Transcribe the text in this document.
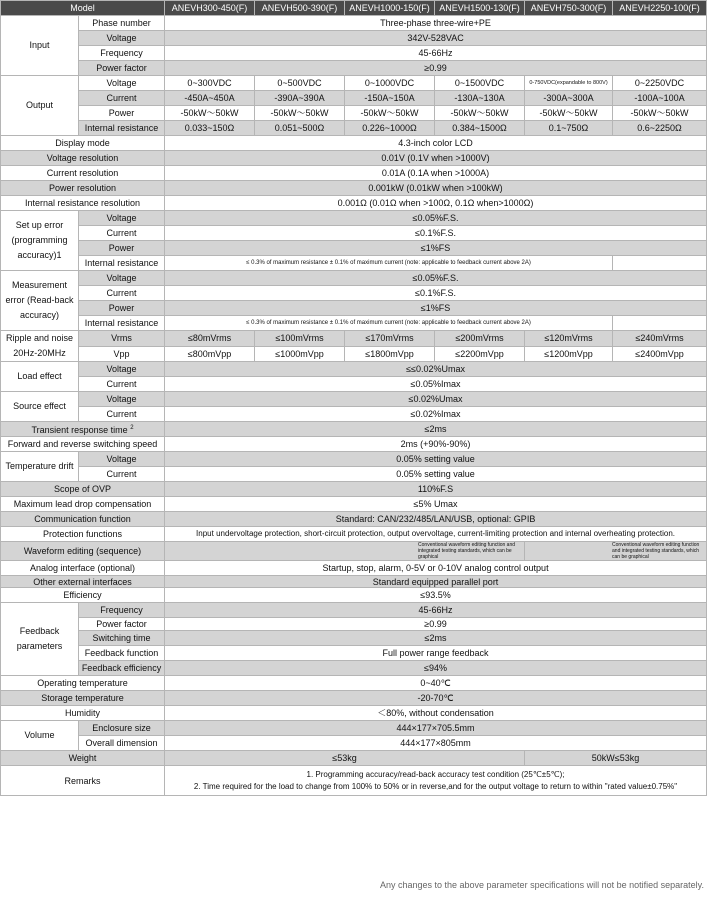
Model		ANEVH300-450(F)	ANEVH500-390(F)	ANEVH1000-150(F)	ANEVH1500-130(F)	ANEVH750-300(F)	ANEVH2250-100(F)
Input	Phase number	Three-phase three-wire+PE					
	Voltage	342V-528VAC					
	Frequency	45-66Hz					
	Power factor	≥0.99					
Output	Voltage	0~300VDC	0~500VDC	0~1000VDC	0~1500VDC	0-750VDC(expandable to 800V)	0~2250VDC
	Current	-450A~450A	-390A~390A	-150A~150A	-130A~130A	-300A~300A	-100A~100A
	Power	-50kW～50kW	-50kW～50kW	-50kW～50kW	-50kW～50kW	-50kW～50kW	-50kW～50kW
	Internal resistance	0.033~150Ω	0.051~500Ω	0.226~1000Ω	0.384~1500Ω	0.1~750Ω	0.6~2250Ω
Display mode		4.3-inch color LCD					
Voltage resolution		0.01V (0.1V when >1000V)					
Current resolution		0.01A (0.1A when >1000A)					
Power resolution		0.001kW (0.01kW when >100kW)					
Internal resistance resolution		0.001Ω (0.01Ω when >100Ω, 0.1Ω when>1000Ω)					
Set up error (programming accuracy)1	Voltage	≤0.05%F.S.					
	Current	≤0.1%F.S.					
	Power	≤1%FS					
	Internal resistance	≤ 0.3% of maximum resistance ± 0.1% of maximum current (note: applicable to feedback current above 2A)					
Measurement error (Read-back accuracy)	Voltage	≤0.05%F.S.					
	Current	≤0.1%F.S.					
	Power	≤1%FS					
	Internal resistance	≤ 0.3% of maximum resistance ± 0.1% of maximum current (note: applicable to feedback current above 2A)					
Ripple and noise 20Hz-20MHz	Vrms	≤80mVrms	≤100mVrms	≤170mVrms	≤200mVrms	≤120mVrms	≤240mVrms
	Vpp	≤800mVpp	≤1000mVpp	≤1800mVpp	≤2200mVpp	≤1200mVpp	≤2400mVpp
Load effect	Voltage	≤≤0.02%Umax					
	Current	≤0.05%Imax					
Source effect	Voltage	≤0.02%Umax					
	Current	≤0.02%Imax					
Transient response time $^2$		≤2ms					
Forward and reverse switching speed		2ms (+90%-90%)					
Temperature drift	Voltage	0.05% setting value					
	Current	0.05% setting value					
Scope of OVP		110%F.S					
Maximum lead drop compensation		≤5% Umax					
Communication function		Standard: CAN/232/485/LAN/USB, optional: GPIB					
Protection functions		Input undervoltage protection, short-circuit protection, output overvoltage, current-limiting protection and internal overheating protection.					
Waveform editing (sequence)		Conventional waveform editing function and integrated testing standards, which can be graphical				Conventional waveform editing function and integrated testing standards, which can be graphical	
Analog interface (optional)		Startup, stop, alarm, 0-5V or 0-10V analog control output					
Other external interfaces		Standard equipped parallel port					
Efficiency		≤93.5%					
Feedback parameters	Frequency	45-66Hz					
	Power factor	≥0.99					
	Switching time	≤2ms					
	Feedback function	Full power range feedback					
	Feedback efficiency	≤94%					
Operating temperature		0~40℃					
Storage temperature		-20-70℃					
Humidity		＜80%, without condensation					
Volume	Enclosure size	444×177×705.5mm					
	Overall dimension	444×177×805mm					
Weight		≤53kg				50kW≤53kg	
Remarks		1. Programming accuracy/read-back accuracy test condition (25℃±5℃);
2. Time required for the load to change from 100% to 50% or in reverse,and for the output voltage to return to within "rated value±0.75%"					
Any changes to the above parameter specifications will not be notified separately.
